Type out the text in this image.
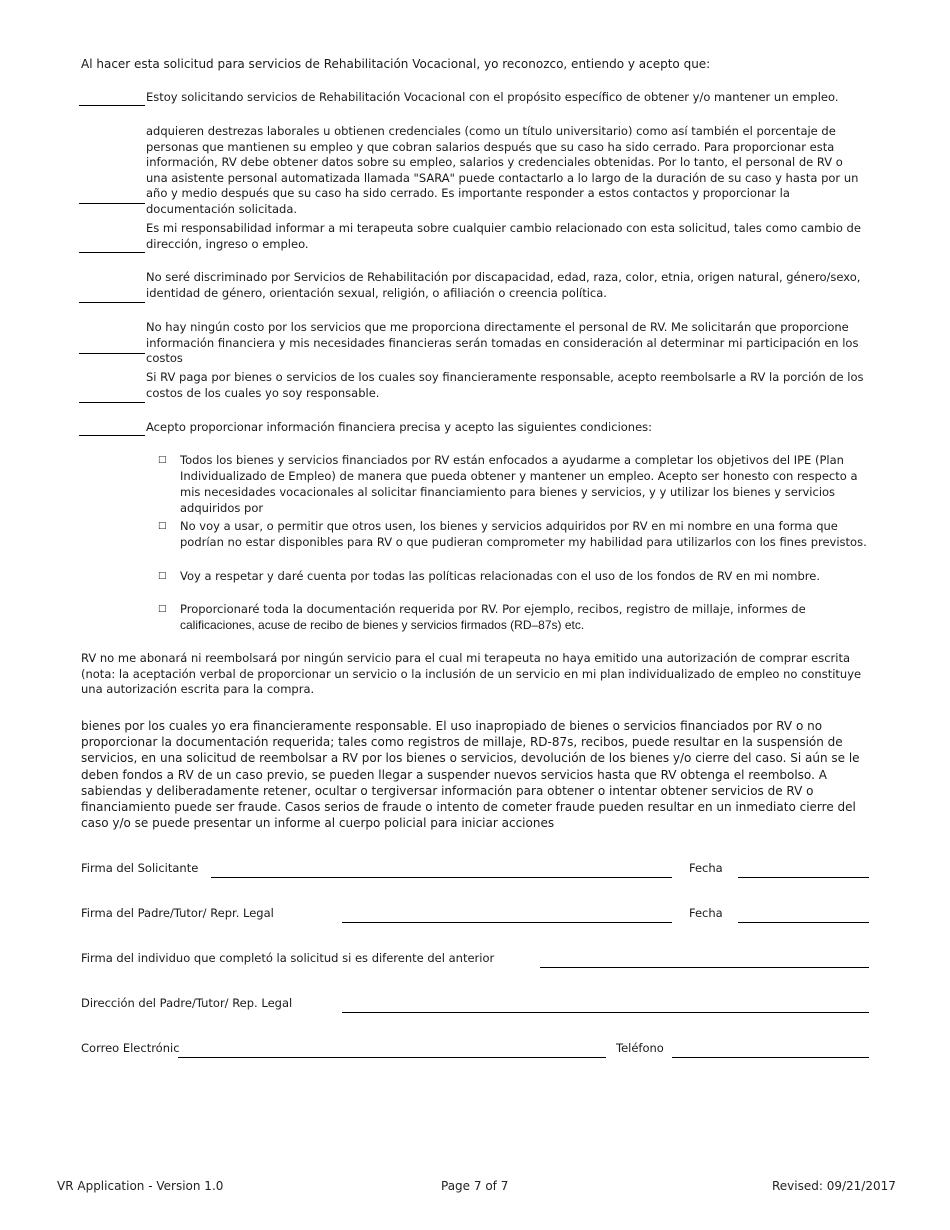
Al hacer esta solicitud para servicios de Rehabilitación Vocacional, yo reconozco, entiendo y acepto que:
Estoy solicitando servicios de Rehabilitación Vocacional con el propósito específico de obtener y/o mantener un empleo.
adquieren destrezas laborales u obtienen credenciales (como un título universitario) como así también el porcentaje de personas que mantienen su empleo y que cobran salarios después que su caso ha sido cerrado. Para proporcionar esta información, RV debe obtener datos sobre su empleo, salarios y credenciales obtenidas. Por lo tanto, el personal de RV o una asistente personal automatizada llamada "SARA" puede contactarlo a lo largo de la duración de su caso y hasta por un año y medio después que su caso ha sido cerrado. Es importante responder a estos contactos y proporcionar la documentación solicitada.
Es mi responsabilidad informar a mi terapeuta sobre cualquier cambio relacionado con esta solicitud, tales como cambio de dirección, ingreso o empleo.
No seré discriminado por Servicios de Rehabilitación por discapacidad, edad, raza, color, etnia, origen natural, género/sexo, identidad de género, orientación sexual, religión, o afiliación o creencia política.
No hay ningún costo por los servicios que me proporciona directamente el personal de RV. Me solicitarán que proporcione información financiera y mis necesidades financieras serán tomadas en consideración al determinar mi participación en los costos
Si RV paga por bienes o servicios de los cuales soy financieramente responsable, acepto reembolsarle a RV la porción de los costos de los cuales yo soy responsable.
Acepto proporcionar información financiera precisa y acepto las siguientes condiciones:
□ Todos los bienes y servicios financiados por RV están enfocados a ayudarme a completar los objetivos del IPE (Plan Individualizado de Empleo) de manera que pueda obtener y mantener un empleo. Acepto ser honesto con respecto a mis necesidades vocacionales al solicitar financiamiento para bienes y servicios, y y utilizar los bienes y servicios adquiridos por
□ No voy a usar, o permitir que otros usen, los bienes y servicios adquiridos por RV en mi nombre en una forma que podrían no estar disponibles para RV o que pudieran comprometer my habilidad para utilizarlos con los fines previstos.
□ Voy a respetar y daré cuenta por todas las políticas relacionadas con el uso de los fondos de RV en mi nombre.
□ Proporcionaré toda la documentación requerida por RV. Por ejemplo, recibos, registro de millaje, informes de
calificaciones, acuse de recibo de bienes y servicios firmados (RD–87s) etc.
RV no me abonará ni reembolsará por ningún servicio para el cual mi terapeuta no haya emitido una autorización de comprar escrita (nota: la aceptación verbal de proporcionar un servicio o la inclusión de un servicio en mi plan individualizado de empleo no constituye una autorización escrita para la compra.
bienes por los cuales yo era financieramente responsable. El uso inapropiado de bienes o servicios financiados por RV o no proporcionar la documentación requerida; tales como registros de millaje, RD-87s, recibos, puede resultar en la suspensión de servicios, en una solicitud de reembolsar a RV por los bienes o servicios, devolución de los bienes y/o cierre del caso. Si aún se le deben fondos a RV de un caso previo, se pueden llegar a suspender nuevos servicios hasta que RV obtenga el reembolso. A sabiendas y deliberadamente retener, ocultar o tergiversar información para obtener o intentar obtener servicios de RV o financiamiento puede ser fraude. Casos serios de fraude o intento de cometer fraude pueden resultar en un inmediato cierre del caso y/o se puede presentar un informe al cuerpo policial para iniciar acciones
Firma del Solicitante	Fecha
Firma del Padre/Tutor/ Repr. Legal	Fecha
Firma del individuo que completó la solicitud si es diferente del anterior
Dirección del Padre/Tutor/ Rep. Legal
Correo Electrónic	Teléfono
VR Application - Version 1.0	Page 7 of 7	Revised: 09/21/2017
